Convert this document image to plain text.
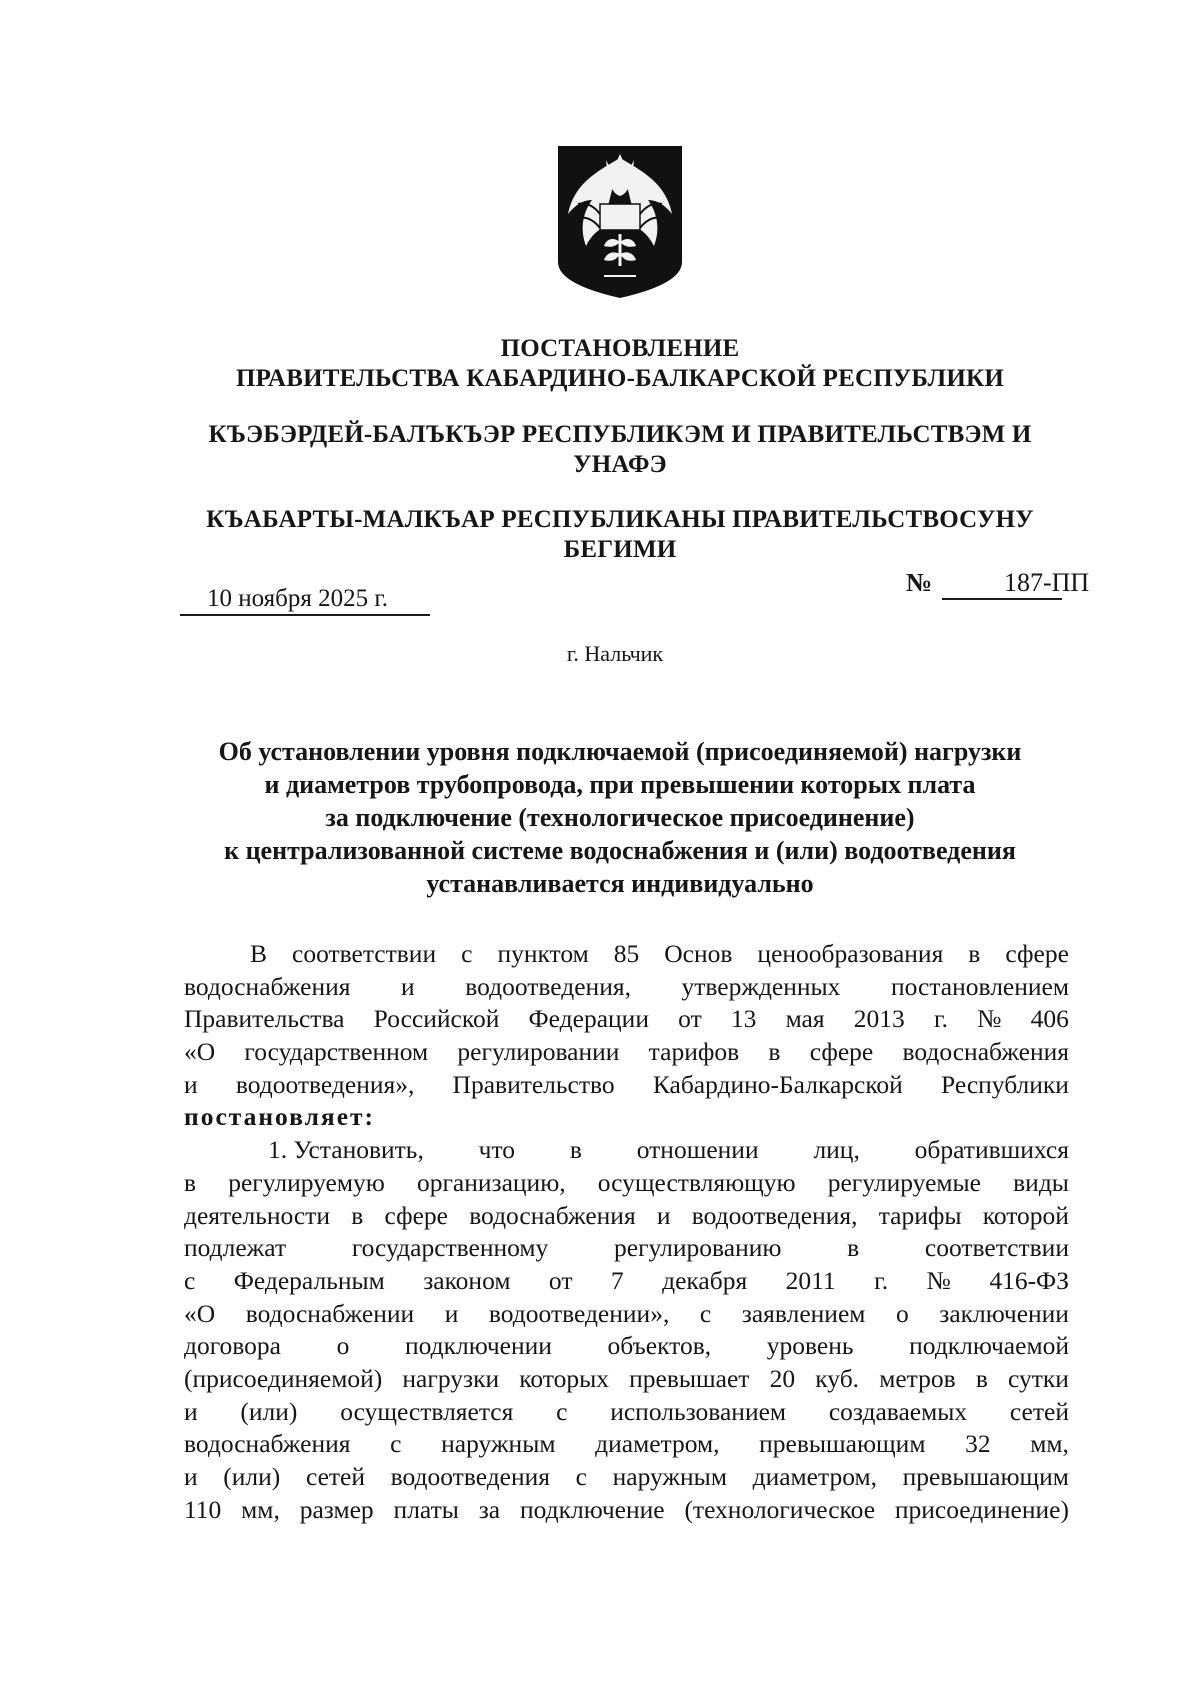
ПОСТАНОВЛЕНИЕ
ПРАВИТЕЛЬСТВА КАБАРДИНО-БАЛКАРСКОЙ РЕСПУБЛИКИ
КЪЭБЭРДЕЙ-БАЛЪКЪЭР РЕСПУБЛИКЭМ И ПРАВИТЕЛЬСТВЭМ И
УНАФЭ
КЪАБАРТЫ-МАЛКЪАР РЕСПУБЛИКАНЫ ПРАВИТЕЛЬСТВОСУНУ
БЕГИМИ
10 ноября 2025 г.
№	187-ПП
г. Нальчик
Об установлении уровня подключаемой (присоединяемой) нагрузки
и диаметров трубопровода, при превышении которых плата
за подключение (технологическое присоединение)
к централизованной системе водоснабжения и (или) водоотведения
устанавливается индивидуально
В соответствии с пунктом 85 Основ ценообразования в сфере
водоснабжения и водоотведения, утвержденных постановлением
Правительства Российской Федерации от 13 мая 2013 г. № 406
«О государственном регулировании тарифов в сфере водоснабжения
и водоотведения», Правительство Кабардино-Балкарской Республики
постановляет:
1. Установить, что в отношении лиц, обратившихся
в регулируемую организацию, осуществляющую регулируемые виды
деятельности в сфере водоснабжения и водоотведения, тарифы которой
подлежат	государственному	регулированию	в	соответствии
с Федеральным законом от 7 декабря 2011 г. № 416-ФЗ
«О водоснабжении и водоотведении», с заявлением о заключении
договора о подключении объектов, уровень подключаемой
(присоединяемой) нагрузки которых превышает 20 куб. метров в сутки
и (или) осуществляется с использованием создаваемых сетей
водоснабжения с наружным диаметром, превышающим 32 мм,
и (или) сетей водоотведения с наружным диаметром, превышающим
110 мм, размер платы за подключение (технологическое присоединение)
